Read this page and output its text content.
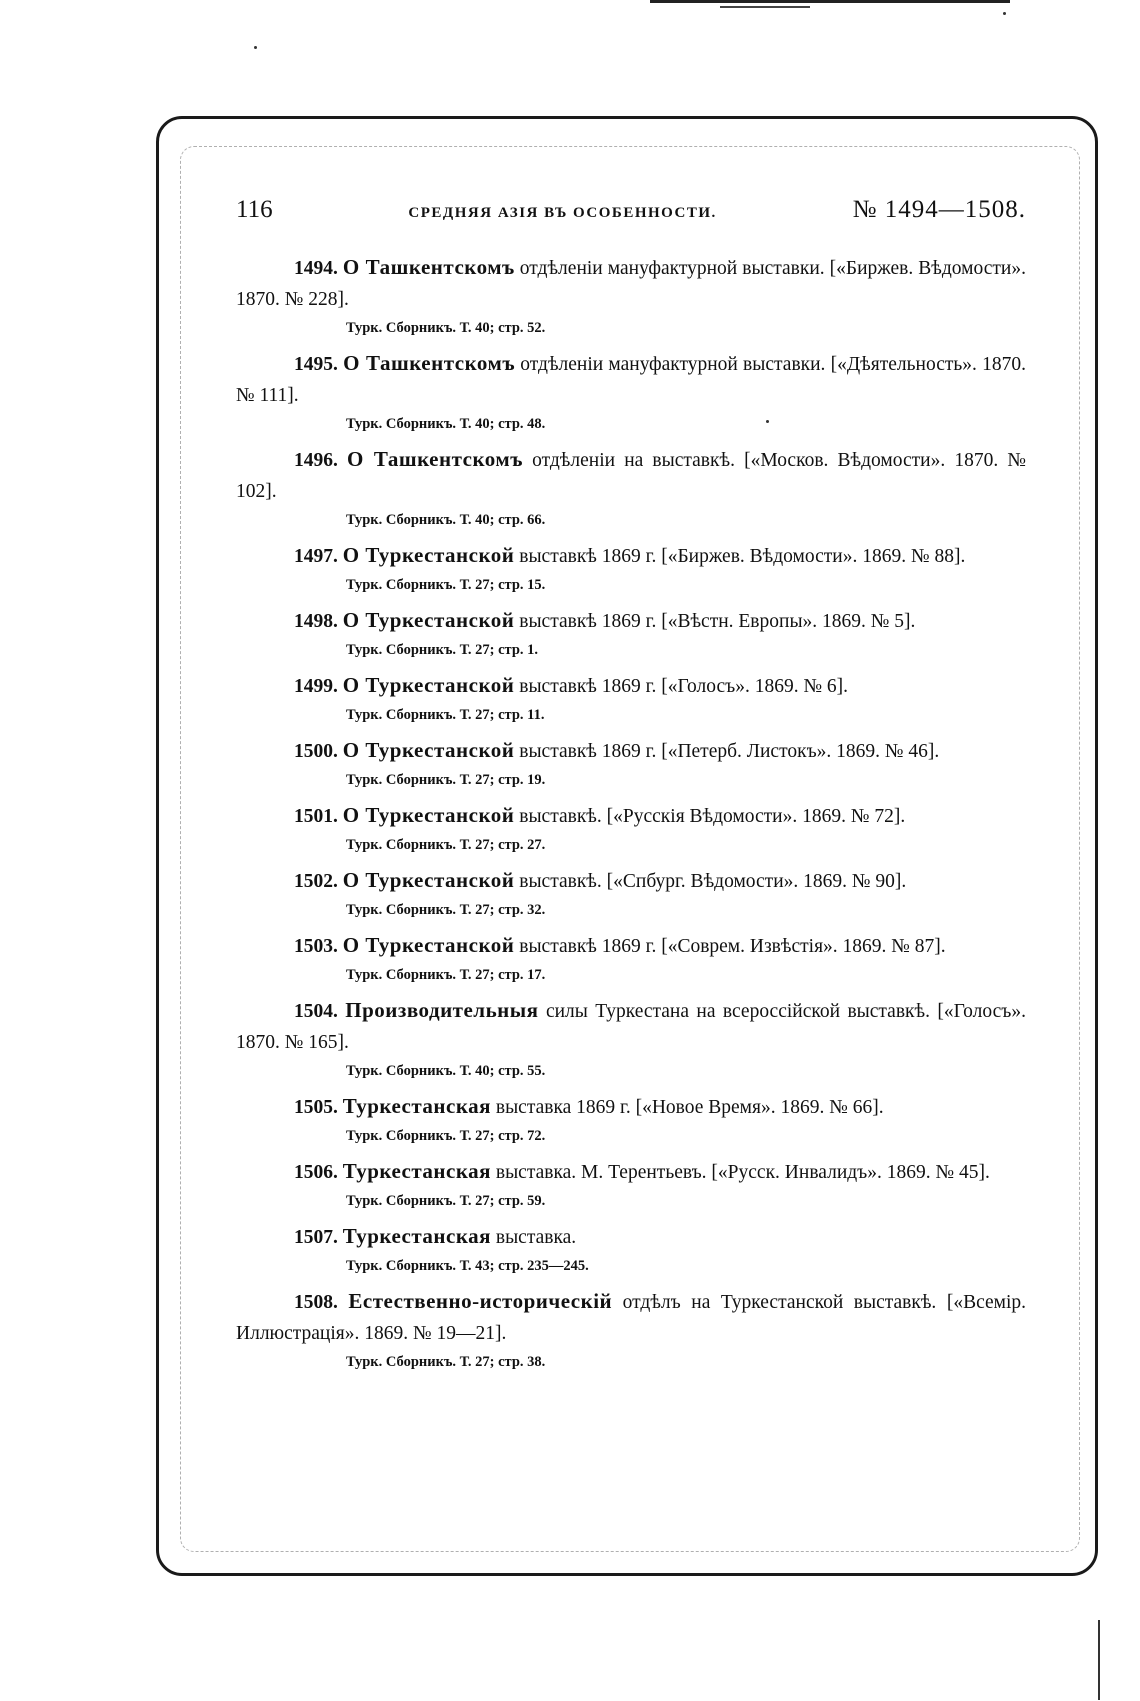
116	СРЕДНЯЯ АЗІЯ ВЪ ОСОБЕННОСТИ.	№ 1494—1508.
1494. О Ташкентскомъ отдѣленіи мануфактурной выставки. [«Биржев. Вѣдомости». 1870. № 228].
Турк. Сборникъ. Т. 40; стр. 52.
1495. О Ташкентскомъ отдѣленіи мануфактурной выставки. [«Дѣятельность». 1870. № 111].
Турк. Сборникъ. Т. 40; стр. 48.
1496. О Ташкентскомъ отдѣленіи на выставкѣ. [«Москов. Вѣдомости». 1870. № 102].
Турк. Сборникъ. Т. 40; стр. 66.
1497. О Туркестанской выставкѣ 1869 г. [«Биржев. Вѣдомости». 1869. № 88].
Турк. Сборникъ. Т. 27; стр. 15.
1498. О Туркестанской выставкѣ 1869 г. [«Вѣстн. Европы». 1869. № 5].
Турк. Сборникъ. Т. 27; стр. 1.
1499. О Туркестанской выставкѣ 1869 г. [«Голосъ». 1869. № 6].
Турк. Сборникъ. Т. 27; стр. 11.
1500. О Туркестанской выставкѣ 1869 г. [«Петерб. Листокъ». 1869. № 46].
Турк. Сборникъ. Т. 27; стр. 19.
1501. О Туркестанской выставкѣ. [«Русскія Вѣдомости». 1869. № 72].
Турк. Сборникъ. Т. 27; стр. 27.
1502. О Туркестанской выставкѣ. [«Спбург. Вѣдомости». 1869. № 90].
Турк. Сборникъ. Т. 27; стр. 32.
1503. О Туркестанской выставкѣ 1869 г. [«Соврем. Извѣстія». 1869. № 87].
Турк. Сборникъ. Т. 27; стр. 17.
1504. Производительныя силы Туркестана на всероссійской выставкѣ. [«Голосъ». 1870. № 165].
Турк. Сборникъ. Т. 40; стр. 55.
1505. Туркестанская выставка 1869 г. [«Новое Время». 1869. № 66].
Турк. Сборникъ. Т. 27; стр. 72.
1506. Туркестанская выставка. М. Терентьевъ. [«Русск. Инвалидъ». 1869. № 45].
Турк. Сборникъ. Т. 27; стр. 59.
1507. Туркестанская выставка.
Турк. Сборникъ. Т. 43; стр. 235—245.
1508. Естественно-историческій отдѣлъ на Туркестанской выставкѣ. [«Всемір. Иллюстрація». 1869. № 19—21].
Турк. Сборникъ. Т. 27; стр. 38.
